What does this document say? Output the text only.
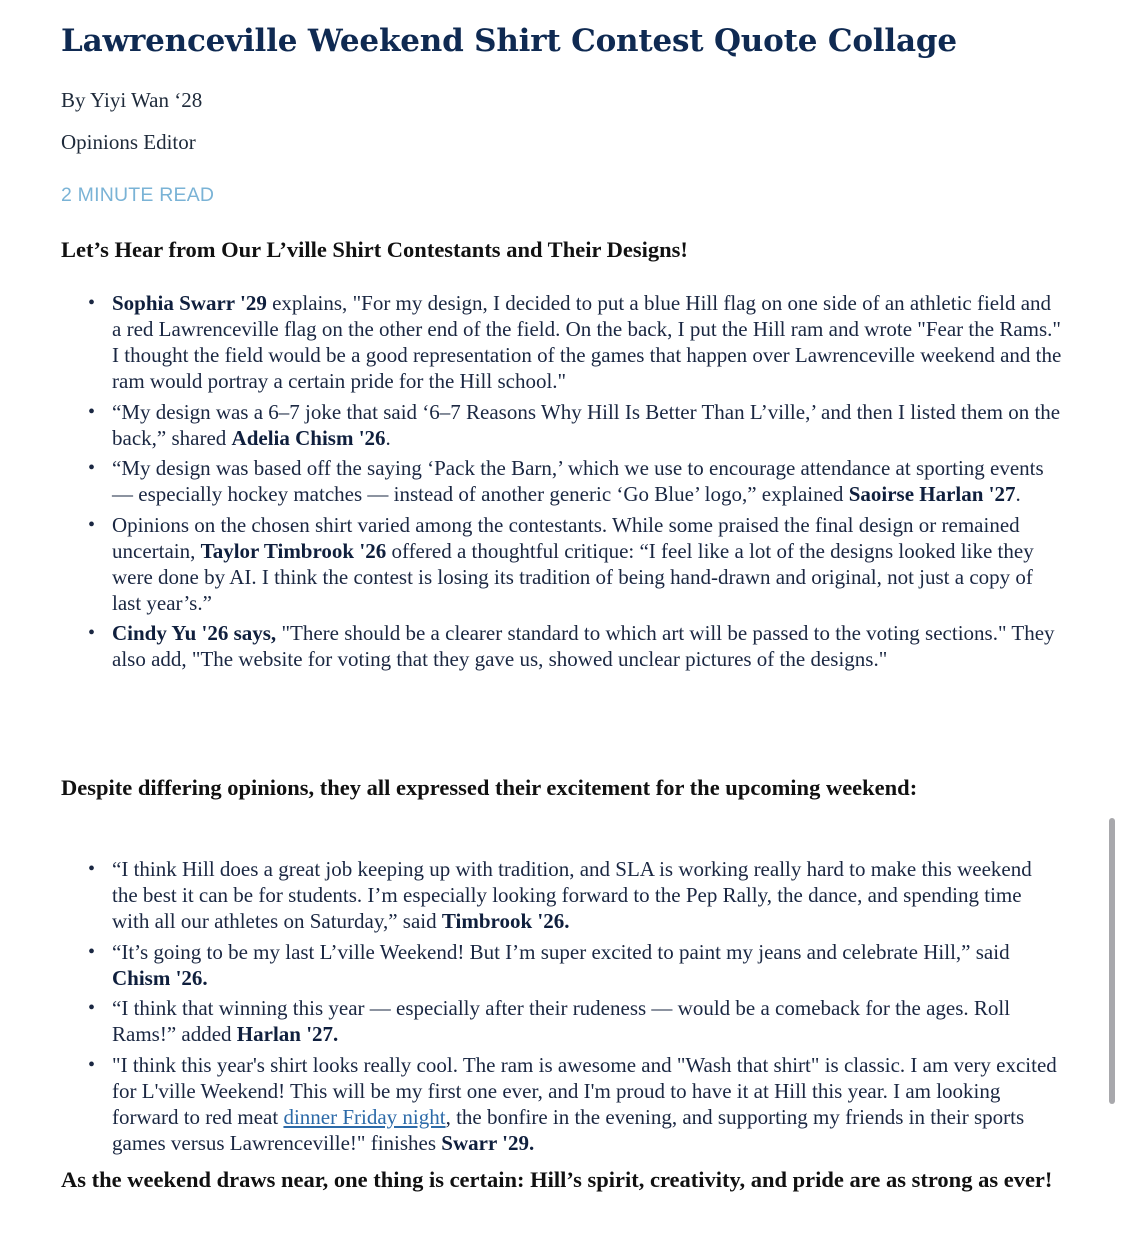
Lawrenceville Weekend Shirt Contest Quote Collage
By Yiyi Wan ‘28
Opinions Editor
2 MINUTE READ
Let’s Hear from Our L’ville Shirt Contestants and Their Designs!
• Sophia Swarr '29 explains, "For my design, I decided to put a blue Hill flag on one side of an athletic field and a red Lawrenceville flag on the other end of the field. On the back, I put the Hill ram and wrote "Fear the Rams." I thought the field would be a good representation of the games that happen over Lawrenceville weekend and the ram would portray a certain pride for the Hill school."
• “My design was a 6–7 joke that said ‘6–7 Reasons Why Hill Is Better Than L’ville,’ and then I listed them on the back,” shared Adelia Chism '26.
• “My design was based off the saying ‘Pack the Barn,’ which we use to encourage attendance at sporting events — especially hockey matches — instead of another generic ‘Go Blue’ logo,” explained Saoirse Harlan '27.
• Opinions on the chosen shirt varied among the contestants. While some praised the final design or remained uncertain, Taylor Timbrook '26 offered a thoughtful critique: “I feel like a lot of the designs looked like they were done by AI. I think the contest is losing its tradition of being hand-drawn and original, not just a copy of last year’s.”
• Cindy Yu '26 says, "There should be a clearer standard to which art will be passed to the voting sections." They also add, "The website for voting that they gave us, showed unclear pictures of the designs."
Despite differing opinions, they all expressed their excitement for the upcoming weekend:
• “I think Hill does a great job keeping up with tradition, and SLA is working really hard to make this weekend the best it can be for students. I’m especially looking forward to the Pep Rally, the dance, and spending time with all our athletes on Saturday,” said Timbrook '26.
• “It’s going to be my last L’ville Weekend! But I’m super excited to paint my jeans and celebrate Hill,” said Chism '26.
• “I think that winning this year — especially after their rudeness — would be a comeback for the ages. Roll Rams!” added Harlan '27.
• "I think this year's shirt looks really cool. The ram is awesome and "Wash that shirt" is classic. I am very excited for L'ville Weekend! This will be my first one ever, and I'm proud to have it at Hill this year. I am looking forward to red meat dinner Friday night, the bonfire in the evening, and supporting my friends in their sports games versus Lawrenceville!" finishes Swarr '29.

As the weekend draws near, one thing is certain: Hill’s spirit, creativity, and pride are as strong as ever!
